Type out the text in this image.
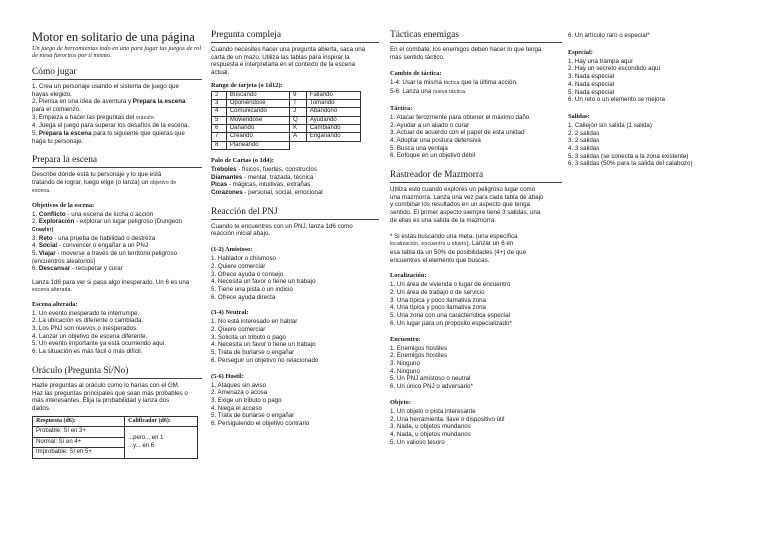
Motor en solitario de una página

Un juego de herramientas todo en uno para jugar tus juegos de rol de mesa favoritos por ti mismo.

Cómo jugar
1. Crea un personaje usando el sistema de juego que
hayas elegido.
2. Piensa en una idea de aventura y Prepara la escena
para el comienzo.
3. Empieza a hacer las preguntas del oráculo.
4. Juega el juego para superar los desafíos de la escena.
5. Prepara la escena para lo siguiente que quieras que
haga tu personaje.
Prepara la escena
Describe dónde está tu personaje y lo que está
tratando de lograr, luego elige (o lanza) un objetivo de
escena.
Objetivos de la escena:
1. Conflicto - una escena de lucha o acción
2. Exploración - explorar un lugar peligroso (Dungeon
Crawler)
3. Reto - una prueba de habilidad o destreza
4. Social - convencer o engañar a un PNJ
5. Viajar - moverse a través de un territorio peligroso
(encuentros aleatorios)
6. Descansar - recuperar y curar
Lanza 1d6 para ver si pasa algo inesperado. Un 6 es una
escena alterada.
Escena alterada:
1. Un evento inesperado te interrumpe.
2. La ubicación es diferente o cambiada.
3. Los PNJ son nuevos o inesperados.
4. Lanzar un objetivo de escena diferente.
5. Un evento importante ya está ocurriendo aquí.
6. La situación es más fácil o más difícil.
Oráculo (Pregunta Sí/No)
Hazle preguntas al oráculo como lo harías con el GM.
Haz las preguntas principales que sean más probables o
más interesantes. Elija la probabilidad y lanza dos
dados.
Respuesta (d6):	Calificador (d6):
Probable: Sí en 3+	...pero... en 1
...y... en 6

Normal: Sí en 4+	
Improbable: Sí en 5+	
Pregunta compleja
Cuando necesites hacer una pregunta abierta, saca una
carta de un mazo. Utiliza las tablas para inspirar la
respuesta e interpretarla en el contexto de la escena
actual.
Rango de tarjeta (o 1d12):
2	Buscando	9	Fallando
3	Oponiéndose	T	Tomando
4	Comunicando	J	Abandono
5	Moviéndose	Q	Ayudando
6	Dañando	K	Cambiando
7	Creando	A	Engañando
8	Planeando		
Palo de Cartas (o 1d4):
Tréboles - físicos, fuertes, constructos
Diamantes - mental, trazada, técnica
Picas - mágicas, intuitivas, extrañas
Corazones - personal, social, emocional
Reacción del PNJ
Cuando te encuentres con un PNJ, lanza 1d6 como
reacción inicial abajo.
(1-2) Amistoso:
1. Hablador o chismoso
2. Quiere comerciar
3. Ofrece ayuda o consejo
4. Necesita un favor o tiene un trabajo
5. Tiene una pista o un indicio
6. Ofrece ayuda directa
(3-4) Neutral:
1. No está interesado en hablar
2. Quiere comerciar
3. Solicita un tributo o pago
4. Necesita un favor o tiene un trabajo
5. Trata de burlarse o engañar
6. Perseguir un objetivo no relacionado
(5-6) Hostil:
1. Ataques sin aviso
2. Amenaza o acosa
3. Exige un tributo o pago
4. Niega el acceso
5. Trata de burlarse o engañar
6. Persiguiendo el objetivo contrario
Tácticas enemigas
En el combate, los enemigos deben hacer lo que tenga
más sentido táctico.
Cambio de táctica:
1-4: Usar la misma táctica que la última acción.
5-6: Lanza una nueva táctica.
Táctica:
1. Atacar ferozmente para obtener el máximo daño
2. Ayudar a un aliado o curar
3. Actuar de acuerdo con el papel de esta unidad
4. Adoptar una postura defensiva
5. Busca una ventaja
6. Enfoque en un objetivo débil
Rastreador de Mazmorra
Utiliza esto cuando explores un peligroso lugar como
una mazmorra. Lanza una vez para cada tabla de abajo
y combinar los resultados en un aspecto que tenga
sentido. El primer aspecto siempre tiene 3 salidas, una
de ellas es una salida de la mazmorra.
* Si estás buscando una meta, (una específica
localización, encuentro u objeto), Lanzar un 6 en
esa tabla da un 50% de posibilidades (4+) de que
encuentres el elemento que buscas.
Localización:
1. Un área de vivienda o lugar de encuentro
2. Un área de trabajo o de servicio
3. Una típica y poco llamativa zona
4. Una típica y poco llamativa zona
5. Una zona con una característica especial
6. Un lugar para un propósito especializado*
Encuentro:
1. Enemigos hostiles
2. Enemigos hostiles
3. Ninguno
4. Ninguno
5. Un PNJ amistoso o neutral
6. Un único PNJ o adversario*
Objeto:
1. Un objeto o pista interesante
2. Una herramienta, llave o dispositivo útil
3. Nada, u objetos mundanos
4. Nada, u objetos mundanos
5. Un valioso tesoro
6. Un artículo raro o especial*
Especial:
1. Hay una trampa aquí
2. Hay un secreto escondido aquí
3. Nada especial
4. Nada especial
5. Nada especial
6. Un reto o un elemento se mejora
Salidas:
1. Callejón sin salida (1 salida)
2. 2 salidas
3. 2 salidas
4. 3 salidas
5. 3 salidas (se conecta a la zona existente)
6. 3 salidas (50% para la salida del calabozo)
